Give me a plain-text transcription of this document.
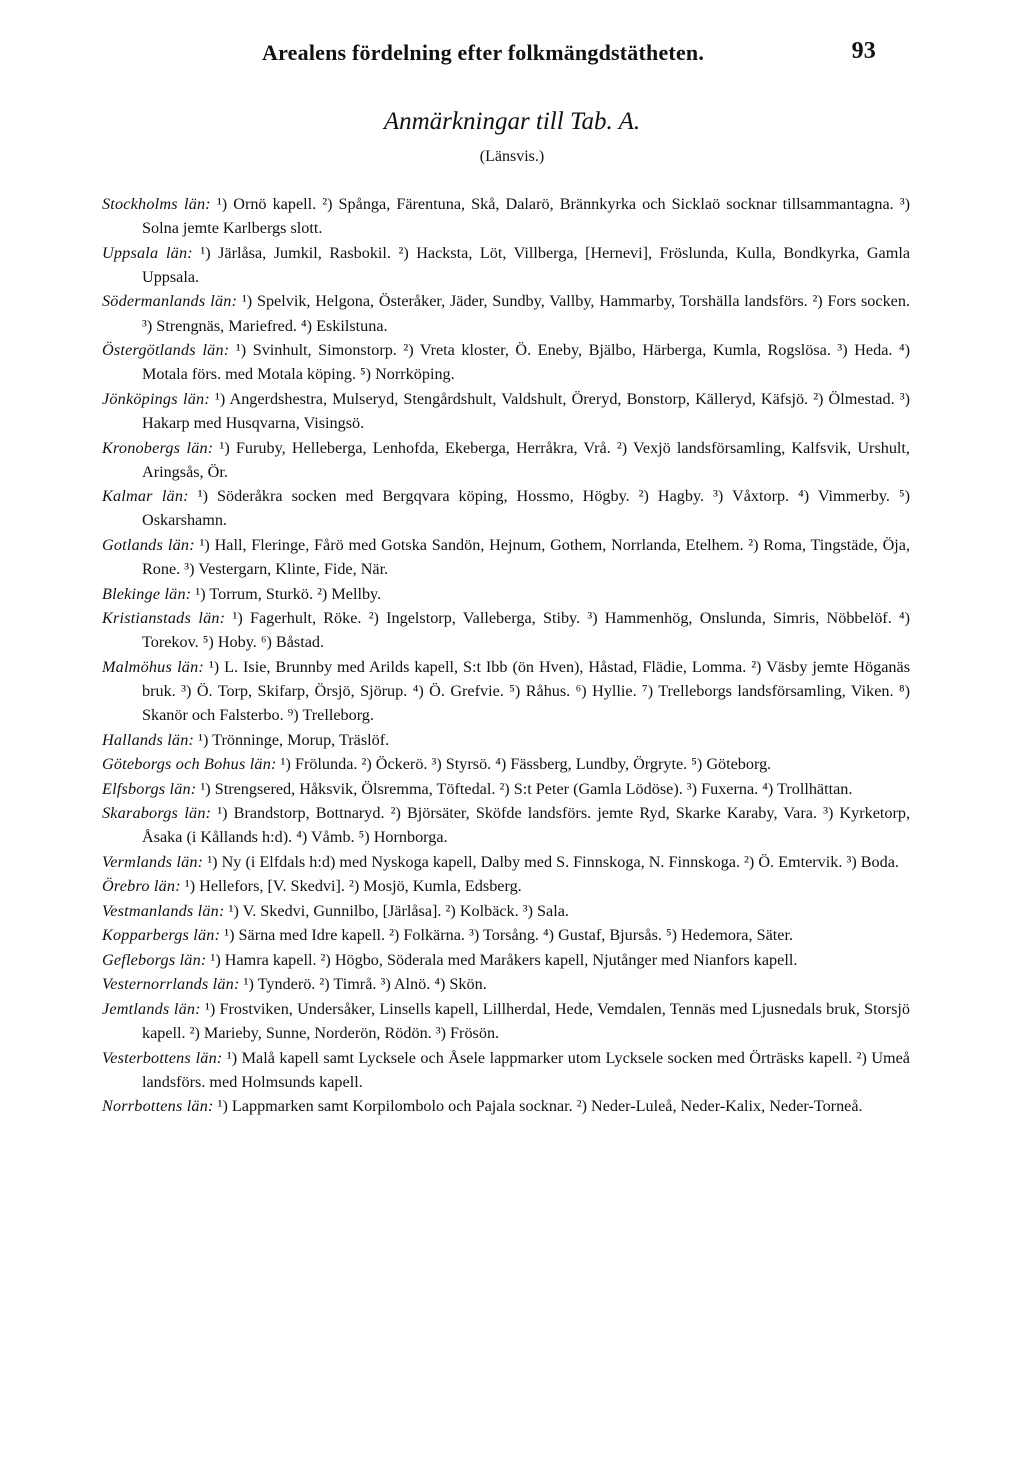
Arealens fördelning efter folkmängdstätheten.	93
Anmärkningar till Tab. A.
(Länsvis.)
Stockholms län: ¹) Ornö kapell. ²) Spånga, Färentuna, Skå, Dalarö, Brännkyrka och Sicklaö socknar tillsammantagna. ³) Solna jemte Karlbergs slott.
Uppsala län: ¹) Järlåsa, Jumkil, Rasbokil. ²) Hacksta, Löt, Villberga, [Hernevi], Fröslunda, Kulla, Bondkyrka, Gamla Uppsala.
Södermanlands län: ¹) Spelvik, Helgona, Österåker, Jäder, Sundby, Vallby, Hammarby, Torshälla landsförs. ²) Fors socken. ³) Strengnäs, Mariefred. ⁴) Eskilstuna.
Östergötlands län: ¹) Svinhult, Simonstorp. ²) Vreta kloster, Ö. Eneby, Bjälbo, Härberga, Kumla, Rogslösa. ³) Heda. ⁴) Motala förs. med Motala köping. ⁵) Norrköping.
Jönköpings län: ¹) Angerdshestra, Mulseryd, Stengårdshult, Valdshult, Öreryd, Bonstorp, Källeryd, Käfsjö. ²) Ölmestad. ³) Hakarp med Husqvarna, Visingsö.
Kronobergs län: ¹) Furuby, Helleberga, Lenhofda, Ekeberga, Herråkra, Vrå. ²) Vexjö landsförsamling, Kalfsvik, Urshult, Aringsås, Ör.
Kalmar län: ¹) Söderåkra socken med Bergqvara köping, Hossmo, Högby. ²) Hagby. ³) Våxtorp. ⁴) Vimmerby. ⁵) Oskarshamn.
Gotlands län: ¹) Hall, Fleringe, Fårö med Gotska Sandön, Hejnum, Gothem, Norrlanda, Etelhem. ²) Roma, Tingstäde, Öja, Rone. ³) Vestergarn, Klinte, Fide, När.
Blekinge län: ¹) Torrum, Sturkö. ²) Mellby.
Kristianstads län: ¹) Fagerhult, Röke. ²) Ingelstorp, Valleberga, Stiby. ³) Hammenhög, Onslunda, Simris, Nöbbelöf. ⁴) Torekov. ⁵) Hoby. ⁶) Båstad.
Malmöhus län: ¹) L. Isie, Brunnby med Arilds kapell, S:t Ibb (ön Hven), Håstad, Flädie, Lomma. ²) Väsby jemte Höganäs bruk. ³) Ö. Torp, Skifarp, Örsjö, Sjörup. ⁴) Ö. Grefvie. ⁵) Råhus. ⁶) Hyllie. ⁷) Trelleborgs landsförsamling, Viken. ⁸) Skanör och Falsterbo. ⁹) Trelleborg.
Hallands län: ¹) Trönninge, Morup, Träslöf.
Göteborgs och Bohus län: ¹) Frölunda. ²) Öckerö. ³) Styrsö. ⁴) Fässberg, Lundby, Örgryte. ⁵) Göteborg.
Elfsborgs län: ¹) Strengsered, Håksvik, Ölsremma, Töftedal. ²) S:t Peter (Gamla Lödöse). ³) Fuxerna. ⁴) Trollhättan.
Skaraborgs län: ¹) Brandstorp, Bottnaryd. ²) Björsäter, Sköfde landsförs. jemte Ryd, Skarke Karaby, Vara. ³) Kyrketorp, Åsaka (i Kållands h:d). ⁴) Våmb. ⁵) Hornborga.
Vermlands län: ¹) Ny (i Elfdals h:d) med Nyskoga kapell, Dalby med S. Finnskoga, N. Finnskoga. ²) Ö. Emtervik. ³) Boda.
Örebro län: ¹) Hellefors, [V. Skedvi]. ²) Mosjö, Kumla, Edsberg.
Vestmanlands län: ¹) V. Skedvi, Gunnilbo, [Järlåsa]. ²) Kolbäck. ³) Sala.
Kopparbergs län: ¹) Särna med Idre kapell. ²) Folkärna. ³) Torsång. ⁴) Gustaf, Bjursås. ⁵) Hedemora, Säter.
Gefleborgs län: ¹) Hamra kapell. ²) Högbo, Söderala med Maråkers kapell, Njutånger med Nianfors kapell.
Vesternorrlands län: ¹) Tynderö. ²) Timrå. ³) Alnö. ⁴) Skön.
Jemtlands län: ¹) Frostviken, Undersåker, Linsells kapell, Lillherdal, Hede, Vemdalen, Tennäs med Ljusnedals bruk, Storsjö kapell. ²) Marieby, Sunne, Norderön, Rödön. ³) Frösön.
Vesterbottens län: ¹) Malå kapell samt Lycksele och Åsele lappmarker utom Lycksele socken med Örträsks kapell. ²) Umeå landsförs. med Holmsunds kapell.
Norrbottens län: ¹) Lappmarken samt Korpilombolo och Pajala socknar. ²) Neder-Luleå, Neder-Kalix, Neder-Torneå.
